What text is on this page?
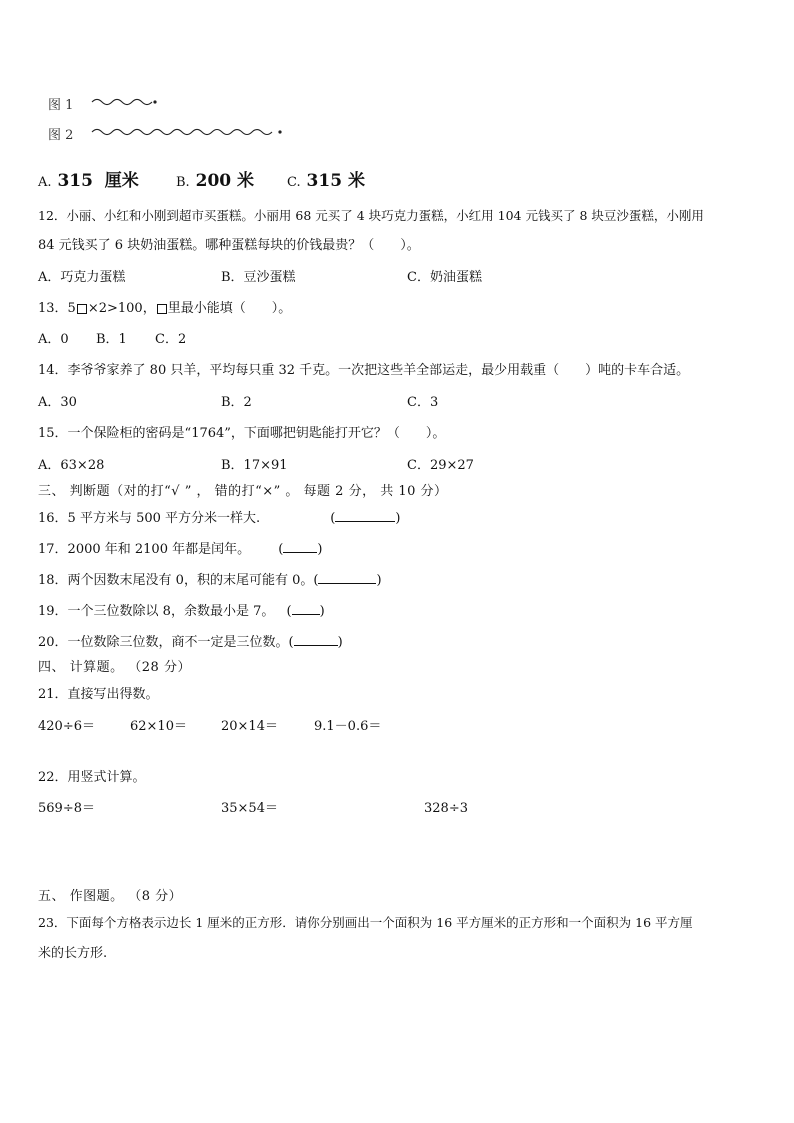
图 1
图 2
A. 315 厘米	B. 200 米	C. 315 米
12．小丽、小红和小刚到超市买蛋糕。小丽用 68 元买了 4 块巧克力蛋糕，小红用 104 元钱买了 8 块豆沙蛋糕，小刚用
84 元钱买了 6 块奶油蛋糕。哪种蛋糕每块的价钱最贵？（　　）。
A．巧克力蛋糕	B．豆沙蛋糕	C．奶油蛋糕
13．5 ×2>100， 里最小能填（　　）。
A．0 B．1 C．2
14．李爷爷家养了 80 只羊，平均每只重 32 千克。一次把这些羊全部运走，最少用载重（　　）吨的卡车合适。
A．30	B．2	C．3
15．一个保险柜的密码是“1764”，下面哪把钥匙能打开它？（　　）。
A．63×28	B．17×91	C．29×27
三、 判断题（对的打“√ ” ， 错的打“×” 。 每题 2 分， 共 10 分）
16．5 平方米与 500 平方分米一样大.	(	)
17．2000 年和 2100 年都是闰年。 (	)
18．两个因数末尾没有 0，积的末尾可能有 0。(	)
19．一个三位数除以 8，余数最小是 7。 ( )
20．一位数除三位数，商不一定是三位数。(	)
四、 计算题。 （28 分）
21．直接写出得数。
420÷6＝	62×10＝	20×14＝	9.1－0.6＝
22．用竖式计算。
569÷8＝	35×54＝	328÷3
五、 作图题。 （8 分）
23．下面每个方格表示边长 1 厘米的正方形．请你分别画出一个面积为 16 平方厘米的正方形和一个面积为 16 平方厘
米的长方形.
